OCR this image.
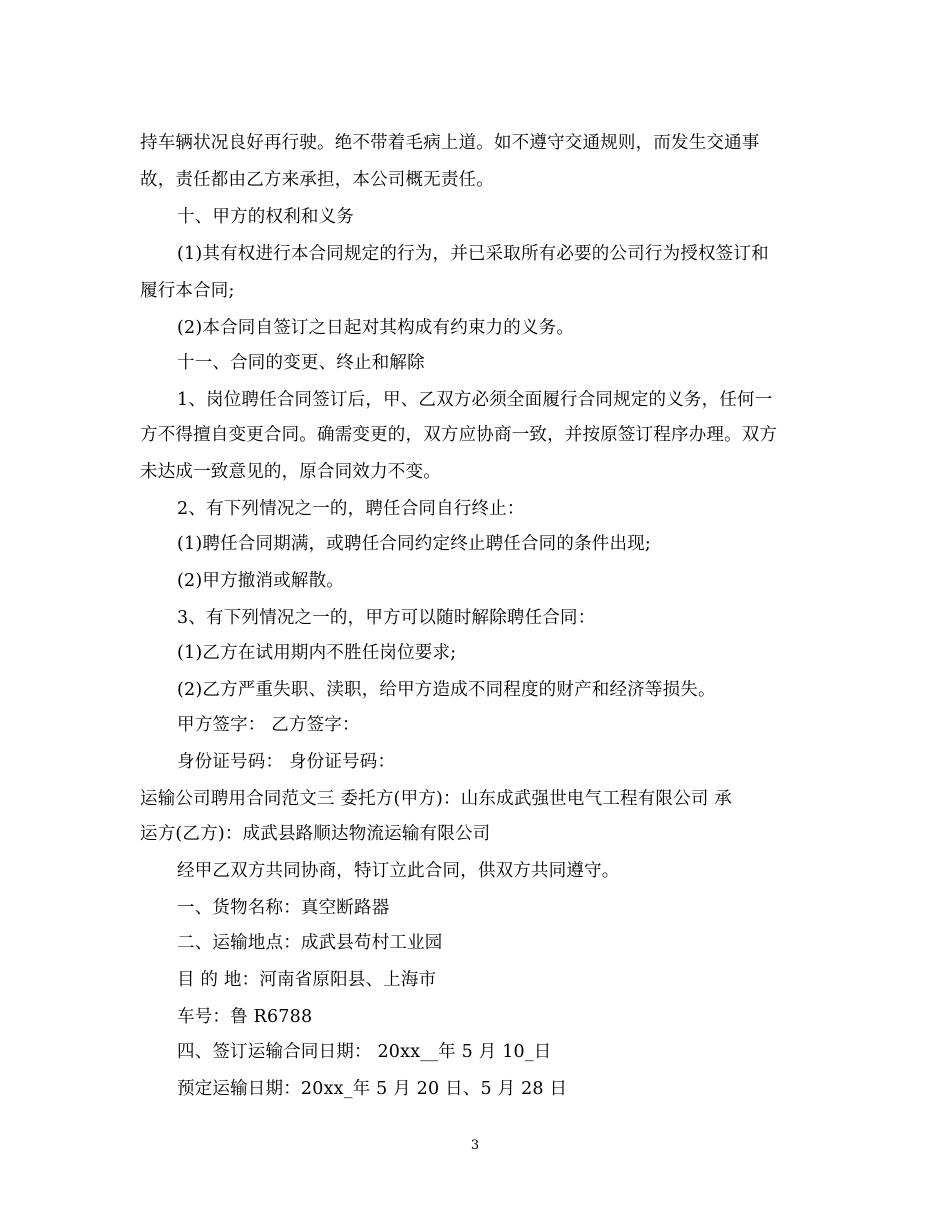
持车辆状况良好再行驶。绝不带着毛病上道。如不遵守交通规则，而发生交通事
故，责任都由乙方来承担，本公司概无责任。
十、甲方的权利和义务
(1)其有权进行本合同规定的行为，并已采取所有必要的公司行为授权签订和
履行本合同;
(2)本合同自签订之日起对其构成有约束力的义务。
十一、合同的变更、终止和解除
1、岗位聘任合同签订后，甲、乙双方必须全面履行合同规定的义务，任何一
方不得擅自变更合同。确需变更的，双方应协商一致，并按原签订程序办理。双方
未达成一致意见的，原合同效力不变。
2、有下列情况之一的，聘任合同自行终止：
(1)聘任合同期满，或聘任合同约定终止聘任合同的条件出现;
(2)甲方撤消或解散。
3、有下列情况之一的，甲方可以随时解除聘任合同：
(1)乙方在试用期内不胜任岗位要求;
(2)乙方严重失职、渎职，给甲方造成不同程度的财产和经济等损失。
甲方签字： 乙方签字：
身份证号码： 身份证号码：
运输公司聘用合同范文三 委托方(甲方)：山东成武强世电气工程有限公司 承
运方(乙方)：成武县路顺达物流运输有限公司
经甲乙双方共同协商，特订立此合同，供双方共同遵守。
一、货物名称：真空断路器
二、运输地点：成武县苟村工业园
目 的 地：河南省原阳县、上海市
车号：鲁 R6788
四、签订运输合同日期： 20xx__年 5 月 10_日
预定运输日期：20xx_年 5 月 20 日、5 月 28 日
3
